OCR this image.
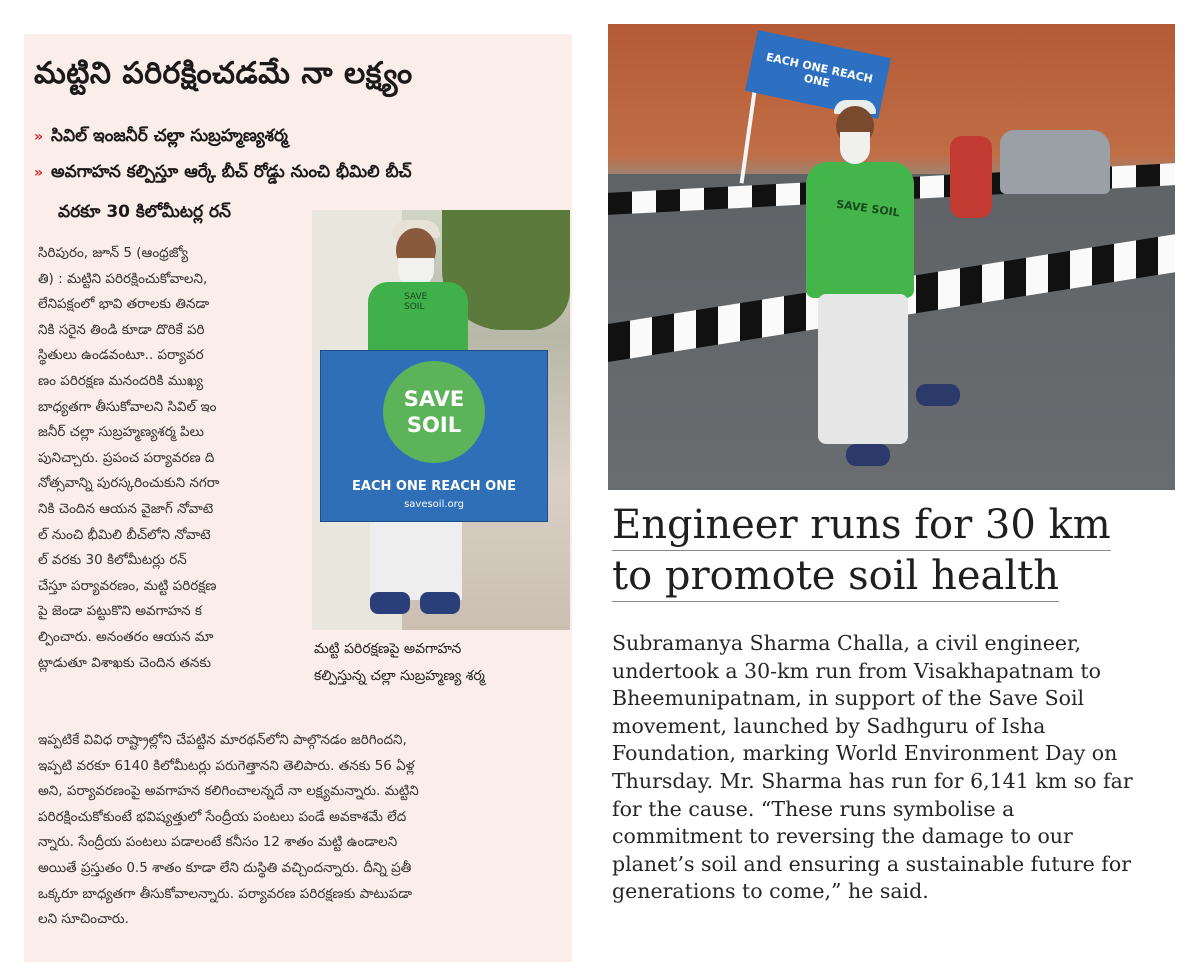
మట్టిని పరిరక్షించడమే నా లక్ష్యం
» సివిల్ ఇంజనీర్ చల్లా సుబ్రహ్మణ్యశర్మ
» అవగాహన కల్పిస్తూ ఆర్కే బీచ్ రోడ్డు నుంచి భీమిలి బీచ్
వరకూ 30 కిలోమీటర్ల రన్
సిరిపురం, జూన్ 5 (ఆంధ్రజ్యో
తి) : మట్టిని పరిరక్షించుకోవాలని,
లేనిపక్షంలో భావి తరాలకు తినడా
నికి సరైన తిండి కూడా దొరికే పరి
స్థితులు ఉండవంటూ.. పర్యావర
ణం పరిరక్షణ మనందరికి ముఖ్య
బాధ్యతగా తీసుకోవాలని సివిల్ ఇం
జనీర్ చల్లా సుబ్రహ్మణ్యశర్మ పిలు
పునిచ్చారు. ప్రపంచ పర్యావరణ ది
నోత్సవాన్ని పురస్కరించుకుని నగరా
నికి చెందిన ఆయన వైజాగ్ నోవాటె
ల్ నుంచి భీమిలి బీచ్‌లోని నోవాటె
ల్ వరకు 30 కిలోమీటర్లు రన్
చేస్తూ పర్యావరణం, మట్టి పరిరక్షణ
పై జెండా పట్టుకొని అవగాహన క
ల్పించారు. అనంతరం ఆయన మా
ట్లాడుతూ విశాఖకు చెందిన తనకు
SAVE SOIL
SAVE
SOIL
EACH ONE REACH ONE
savesoil.org
మట్టి పరిరక్షణపై అవగాహన
కల్పిస్తున్న చల్లా సుబ్రహ్మణ్య శర్మ
ఇప్పటికే వివిధ రాష్ట్రాల్లోని చేపట్టిన మారథన్‌లోని పాల్గొనడం జరిగిందని,
ఇప్పటి వరకూ 6140 కిలోమీటర్లు పరుగెత్తానని తెలిపారు. తనకు 56 ఏళ్ల
అని, పర్యావరణంపై అవగాహన కలిగించాలన్నదే నా లక్ష్యమన్నారు. మట్టిని
పరిరక్షించుకోకుంటే భవిష్యత్తులో సేంద్రీయ పంటలు పండే అవకాశమే లేద
న్నారు. సేంద్రీయ పంటలు పడాలంటే కనీసం 12 శాతం మట్టి ఉండాలని
అయితే ప్రస్తుతం 0.5 శాతం కూడా లేని దుస్థితి వచ్చిందన్నారు. దీన్ని ప్రతీ
ఒక్కరూ బాధ్యతగా తీసుకోవాలన్నారు. పర్యావరణ పరిరక్షణకు పాటుపడా
లని సూచించారు.
EACH ONE REACH ONE
SAVE SOIL
Engineer runs for 30 km
to promote soil health
Subramanya Sharma Challa, a civil engineer,
undertook a 30-km run from Visakhapatnam to
Bheemunipatnam, in support of the Save Soil
movement, launched by Sadhguru of Isha
Foundation, marking World Environment Day on
Thursday. Mr. Sharma has run for 6,141 km so far
for the cause. “These runs symbolise a
commitment to reversing the damage to our
planet’s soil and ensuring a sustainable future for
generations to come,” he said.
